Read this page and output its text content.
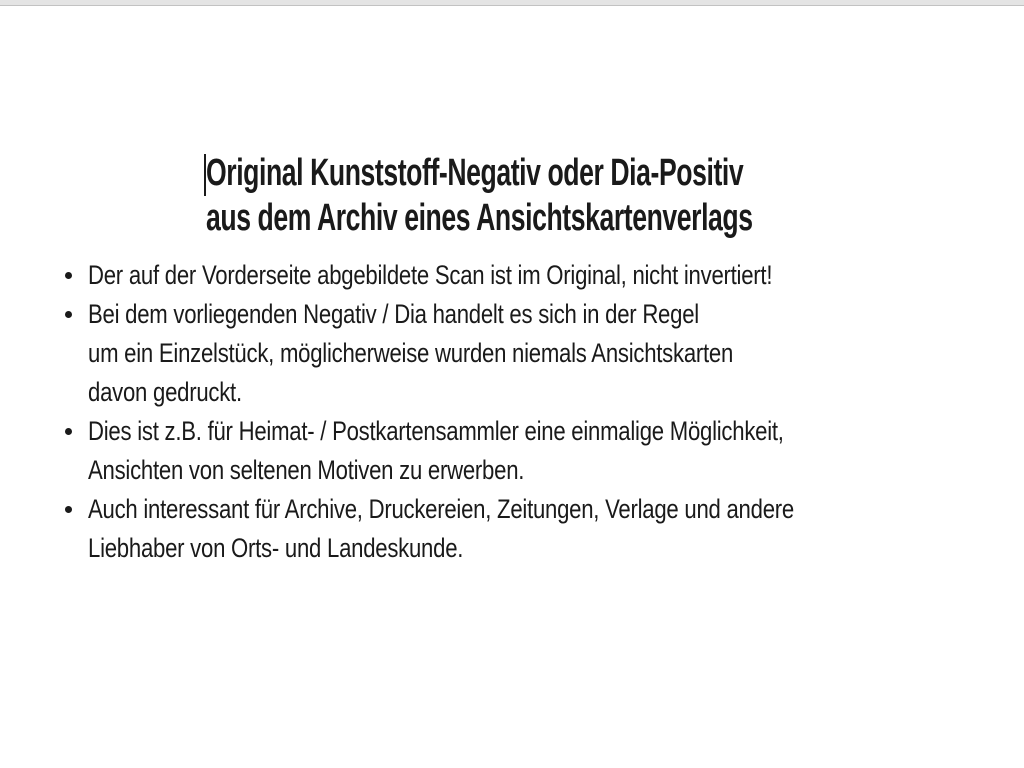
Original Kunststoff-Negativ oder Dia-Positiv
aus dem Archiv eines Ansichtskartenverlags
Der auf der Vorderseite abgebildete Scan ist im Original, nicht invertiert!
Bei dem vorliegenden Negativ / Dia handelt es sich in der Regel
um ein Einzelstück, möglicherweise wurden niemals Ansichtskarten
davon gedruckt.
Dies ist z.B. für Heimat- / Postkartensammler eine einmalige Möglichkeit,
Ansichten von seltenen Motiven zu erwerben.
Auch interessant für Archive, Druckereien, Zeitungen, Verlage und andere
Liebhaber von Orts- und Landeskunde.
